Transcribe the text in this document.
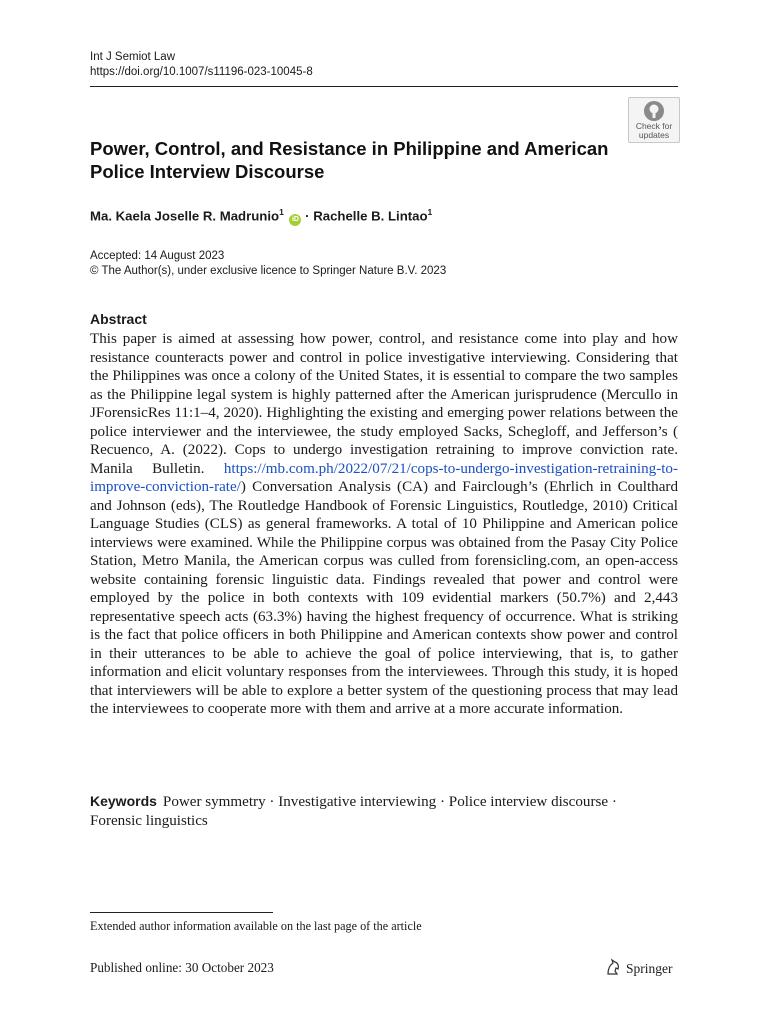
Int J Semiot Law
https://doi.org/10.1007/s11196-023-10045-8
Check for
updates
Power, Control, and Resistance in Philippine and American Police Interview Discourse
Ma. Kaela Joselle R. Madrunio$^1$ iD · Rachelle B. Lintao$^1$
Accepted: 14 August 2023
© The Author(s), under exclusive licence to Springer Nature B.V. 2023
Abstract
This paper is aimed at assessing how power, control, and resistance come into play and how resistance counteracts power and control in police investigative interviewing. Considering that the Philippines was once a colony of the United States, it is essential to compare the two samples as the Philippine legal system is highly patterned after the American jurisprudence (Mercullo in JForensicRes 11:1–4, 2020). Highlighting the existing and emerging power relations between the police interviewer and the interviewee, the study employed Sacks, Schegloff, and Jefferson’s ( Recuenco, A. (2022). Cops to undergo investigation retraining to improve conviction rate. Manila Bulletin. https://mb.com.ph/2022/07/21/cops-to-undergo-investigation-retraining-to-improve-conviction-rate/) Conversation Analysis (CA) and Fairclough’s (Ehrlich in Coulthard and Johnson (eds), The Routledge Handbook of Forensic Linguistics, Routledge, 2010) Critical Language Studies (CLS) as general frameworks. A total of 10 Philippine and American police interviews were examined. While the Philippine corpus was obtained from the Pasay City Police Station, Metro Manila, the American corpus was culled from forensicling.com, an open-access website containing forensic linguistic data. Findings revealed that power and control were employed by the police in both contexts with 109 evidential markers (50.7%) and 2,443 representative speech acts (63.3%) having the highest frequency of occurrence. What is striking is the fact that police officers in both Philippine and American contexts show power and control in their utterances to be able to achieve the goal of police interviewing, that is, to gather information and elicit voluntary responses from the interviewees. Through this study, it is hoped that interviewers will be able to explore a better system of the questioning process that may lead the interviewees to cooperate more with them and arrive at a more accurate information.
Keywords Power symmetry · Investigative interviewing · Police interview discourse · Forensic linguistics
Extended author information available on the last page of the article
Published online: 30 October 2023	Springer
